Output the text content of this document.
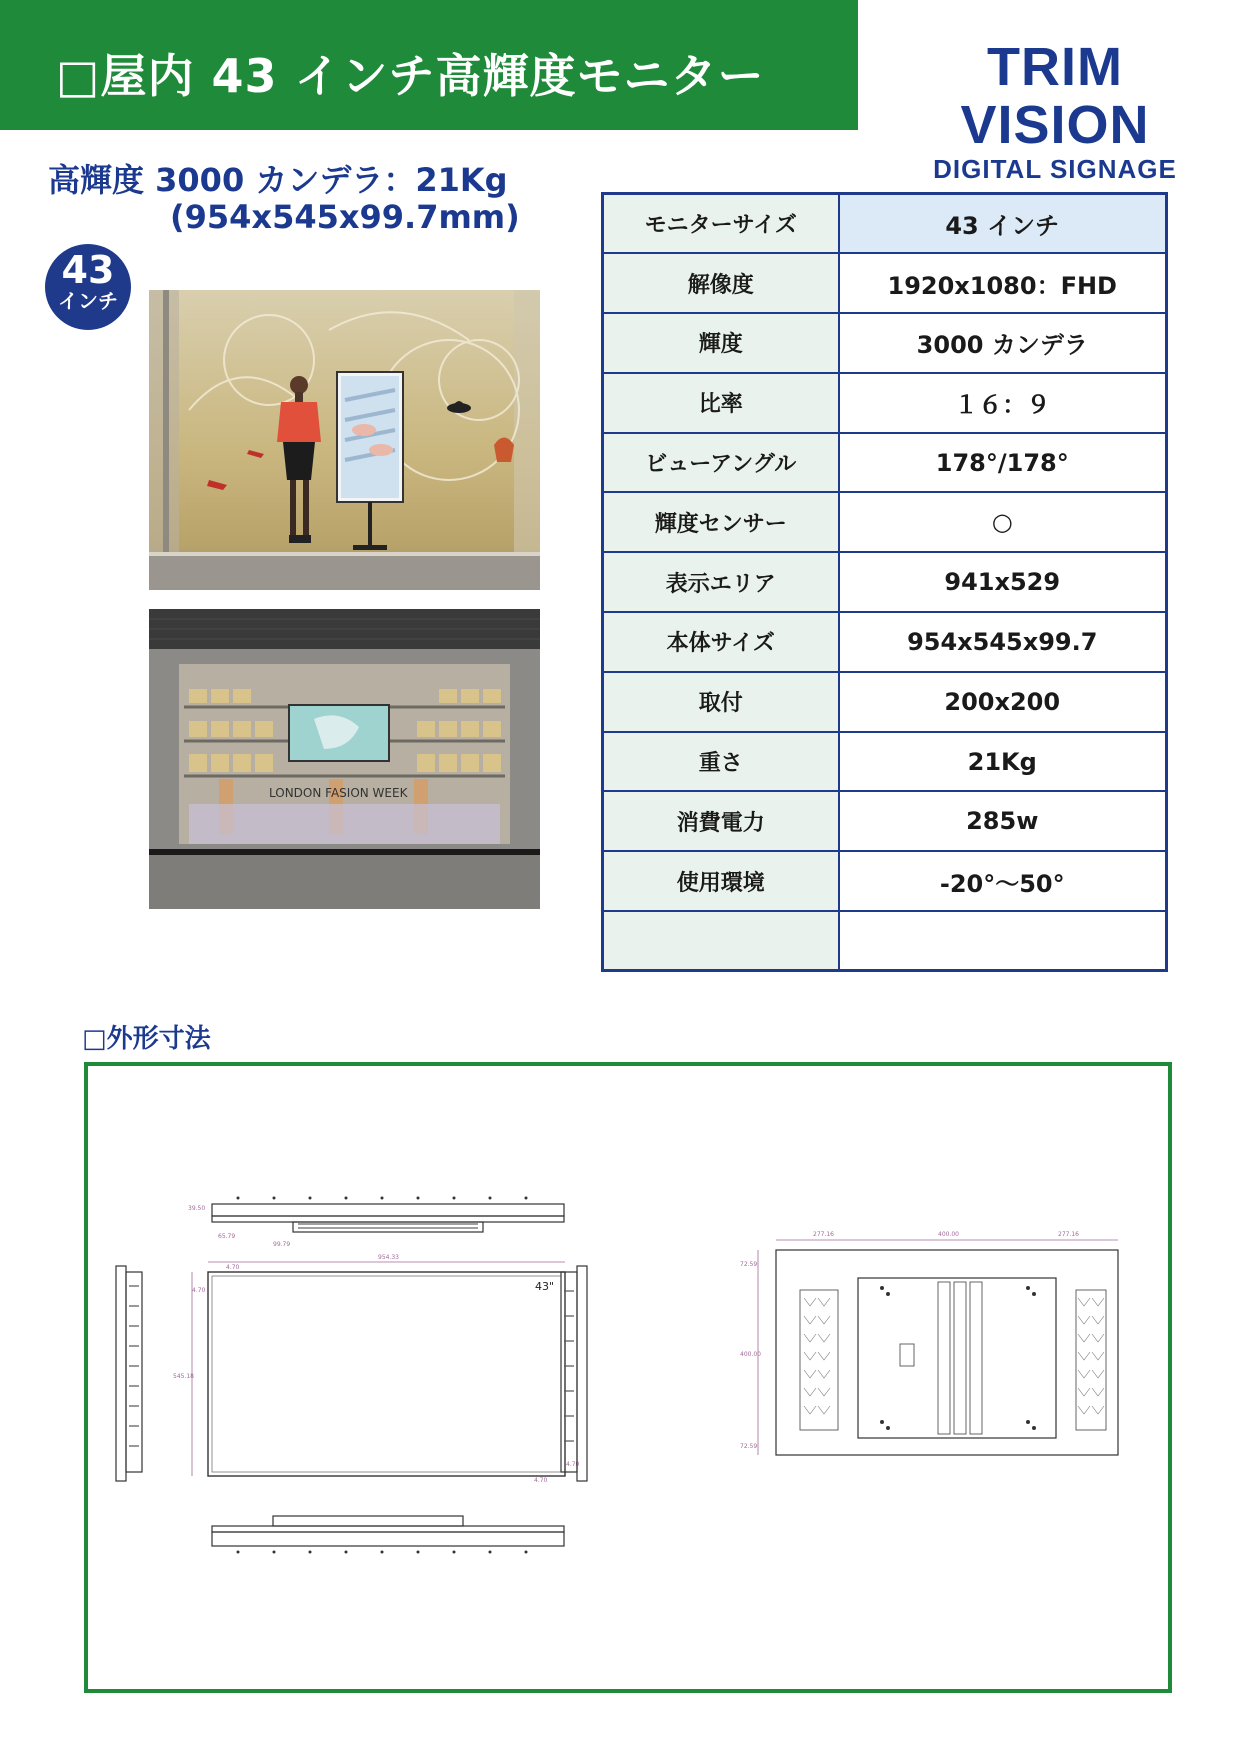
□屋内 43 インチ高輝度モニター	TRIM VISION
DIGITAL SIGNAGE
高輝度 3000 カンデラ：21Kg
(954x545x99.7mm)
43
インチ
LONDON FASION WEEK
モニターサイズ	43 インチ
解像度	1920x1080：FHD
輝度	3000 カンデラ
比率	１６：９
ビューアングル	178°/178°
輝度センサー	○
表示エリア	941x529
本体サイズ	954x545x99.7
取付	200x200
重さ	21Kg
消費電力	285w
使用環境	-20°～50°

□外形寸法
39.50
65.79
99.79
954.33
545.18
4.70
4.70
4.70
4.70
43"
277.16	400.00	277.16
72.59
400.00
72.59
